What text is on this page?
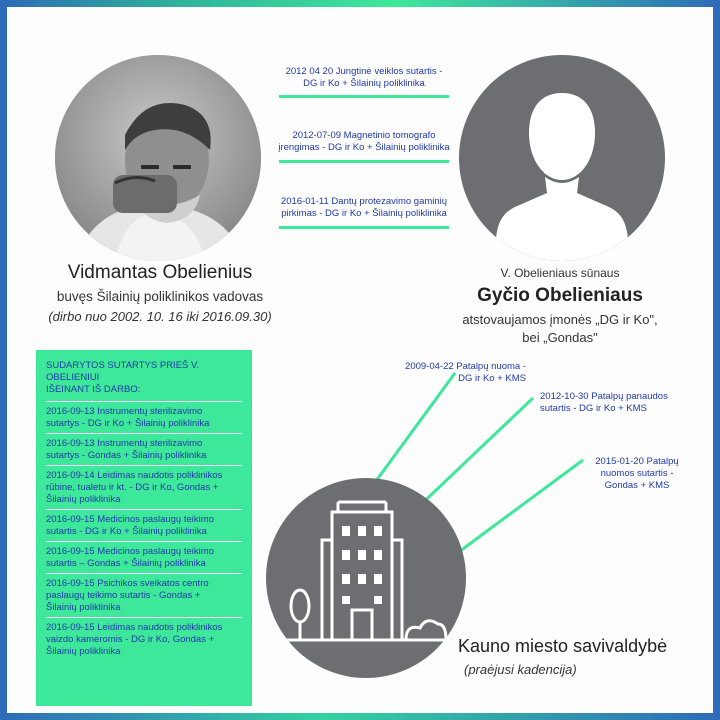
2012 04 20 Jungtinė veiklos sutartis -
DG ir Ko + Šilainių poliklinika
2012-07-09 Magnetinio tomografo
įrengimas - DG ir Ko + Šilainių poliklinika
2016-01-11 Dantų protezavimo gaminių
pirkimas - DG ir Ko + Šilainių poliklinika
Vidmantas Obelienius
buvęs Šilainių poliklinikos vadovas
(dirbo nuo 2002. 10. 16 iki 2016.09.30)
V. Obelieniaus sūnaus
Gyčio Obelieniaus
atstovaujamos įmonės „DG ir Ko",
bei „Gondas"
SUDARYTOS SUTARTYS PRIEŠ V. OBELIENIUI
IŠEINANT IŠ DARBO:
2016-09-13 Instrumentų sterilizavimo
sutartys - DG ir Ko + Šilainių poliklinika
2016-09-13 Instrumentų sterilizavimo
sutartys - Gondas + Šilainių poliklinika
2016-09-14 Leidimas naudotis poliklinikos
rūbine, tualetu ir kt. - DG ir Ko, Gondas +
Šilainių poliklinika
2016-09-15 Medicinos paslaugų teikimo
sutartis - DG ir Ko + Šilainių poliklinika
2016-09-15 Medicinos paslaugų teikimo
sutartis – Gondas + Šilainių poliklinika
2016-09-15 Psichikos sveikatos centro
paslaugų teikimo sutartis - Gondas +
Šilainių poliklinika
2016-09-15 Leidimas naudotis poliklinikos
vaizdo kameromis - DG ir Ko, Gondas +
Šilainių poliklinika
2009-04-22 Patalpų nuoma -
DG ir Ko + KMS
2012-10-30 Patalpų panaudos
sutartis - DG ir Ko + KMS
2015-01-20 Patalpų
nuomos sutartis -
Gondas + KMS
Kauno miesto savivaldybė
(praėjusi kadencija)
